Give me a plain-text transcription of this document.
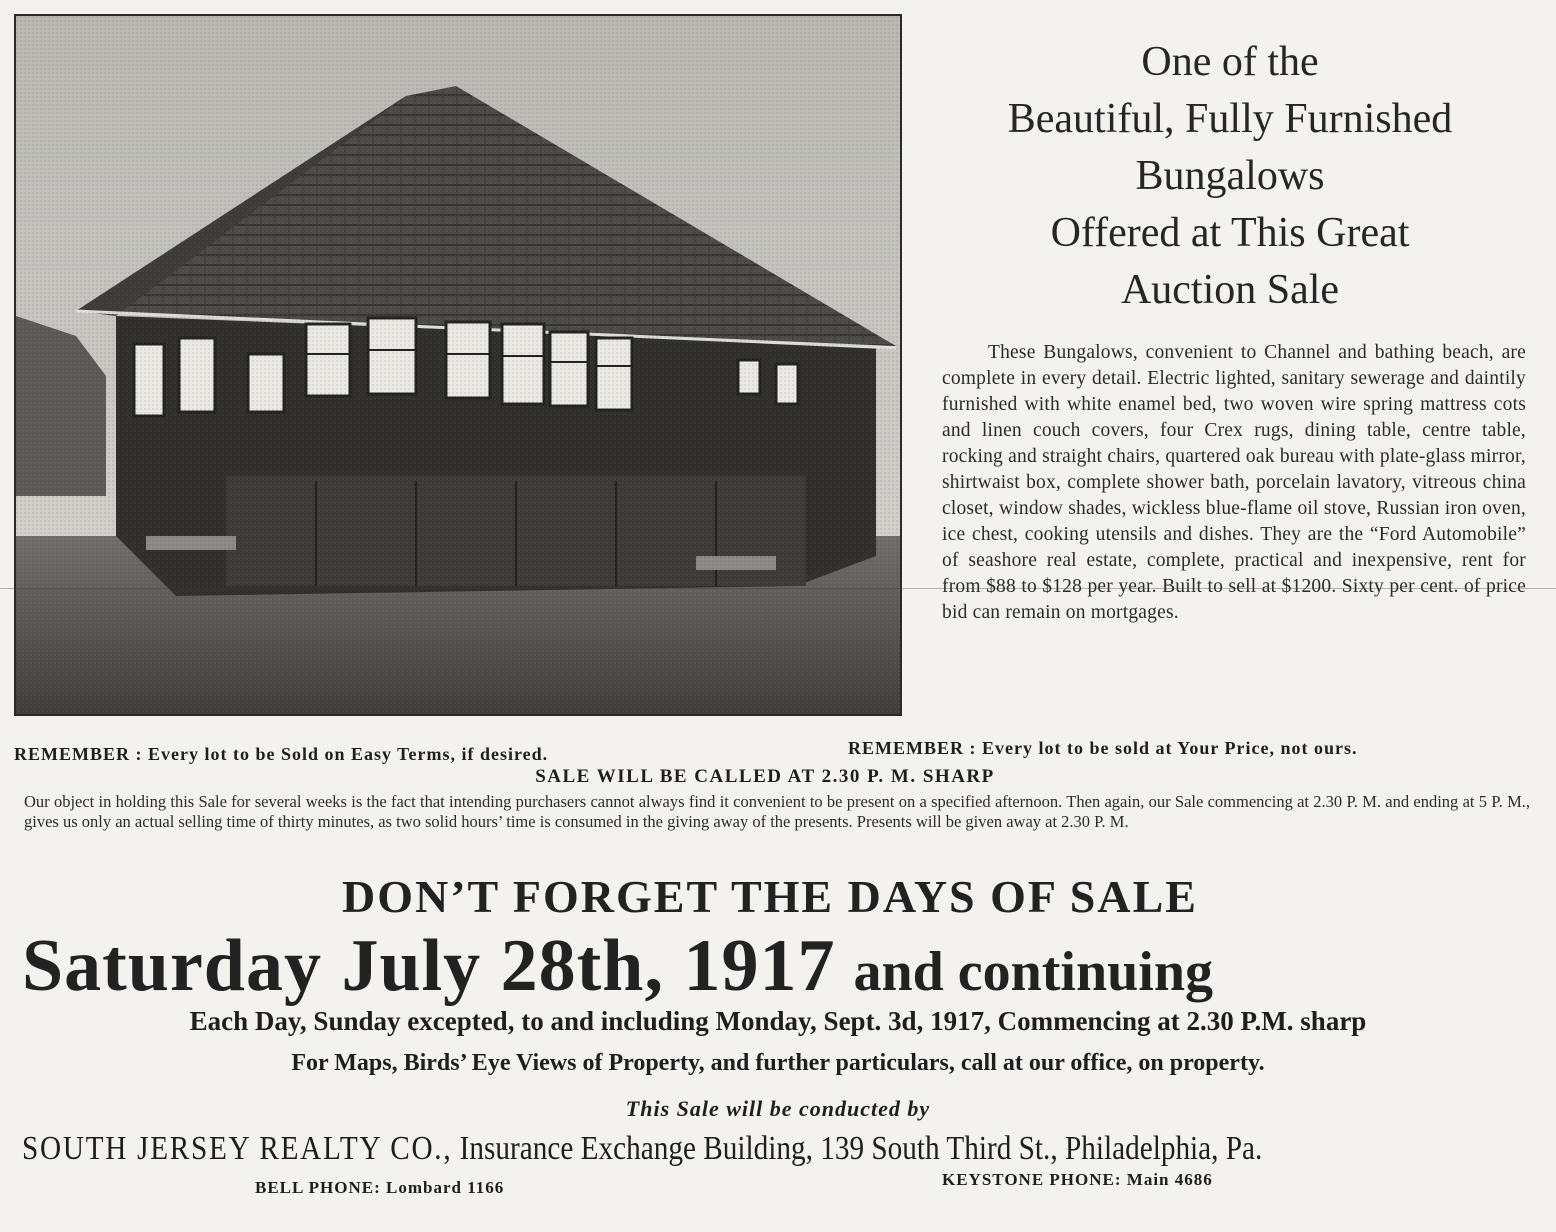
One of the
Beautiful, Fully Furnished
Bungalows
Offered at This Great
Auction Sale
These Bungalows, convenient to Channel and bathing beach, are complete in every detail. Electric lighted, sanitary sewerage and daintily furnished with white enamel bed, two woven wire spring mattress cots and linen couch covers, four Crex rugs, dining table, centre table, rocking and straight chairs, quartered oak bureau with plate-glass mirror, shirtwaist box, complete shower bath, porcelain lavatory, vitreous china closet, window shades, wickless blue-flame oil stove, Russian iron oven, ice chest, cooking utensils and dishes. They are the “Ford Automobile” of seashore real estate, complete, practical and inexpensive, rent for from $88 to $128 per year. Built to sell at $1200. Sixty per cent. of price bid can remain on mortgages.
REMEMBER : Every lot to be Sold on Easy Terms, if desired.	REMEMBER : Every lot to be sold at Your Price, not ours.
SALE WILL BE CALLED AT 2.30 P. M. SHARP
Our object in holding this Sale for several weeks is the fact that intending purchasers cannot always find it convenient to be present on a specified afternoon. Then again, our Sale commencing at 2.30 P. M. and ending at 5 P. M., gives us only an actual selling time of thirty minutes, as two solid hours’ time is consumed in the giving away of the presents. Presents will be given away at 2.30 P. M.
DON’T FORGET THE DAYS OF SALE
Saturday July 28th, 1917 and continuing
Each Day, Sunday excepted, to and including Monday, Sept. 3d, 1917, Commencing at 2.30 P.M. sharp
For Maps, Birds’ Eye Views of Property, and further particulars, call at our office, on property.
This Sale will be conducted by
SOUTH JERSEY REALTY CO., Insurance Exchange Building, 139 South Third St., Philadelphia, Pa.
BELL PHONE: Lombard 1166	KEYSTONE PHONE: Main 4686
